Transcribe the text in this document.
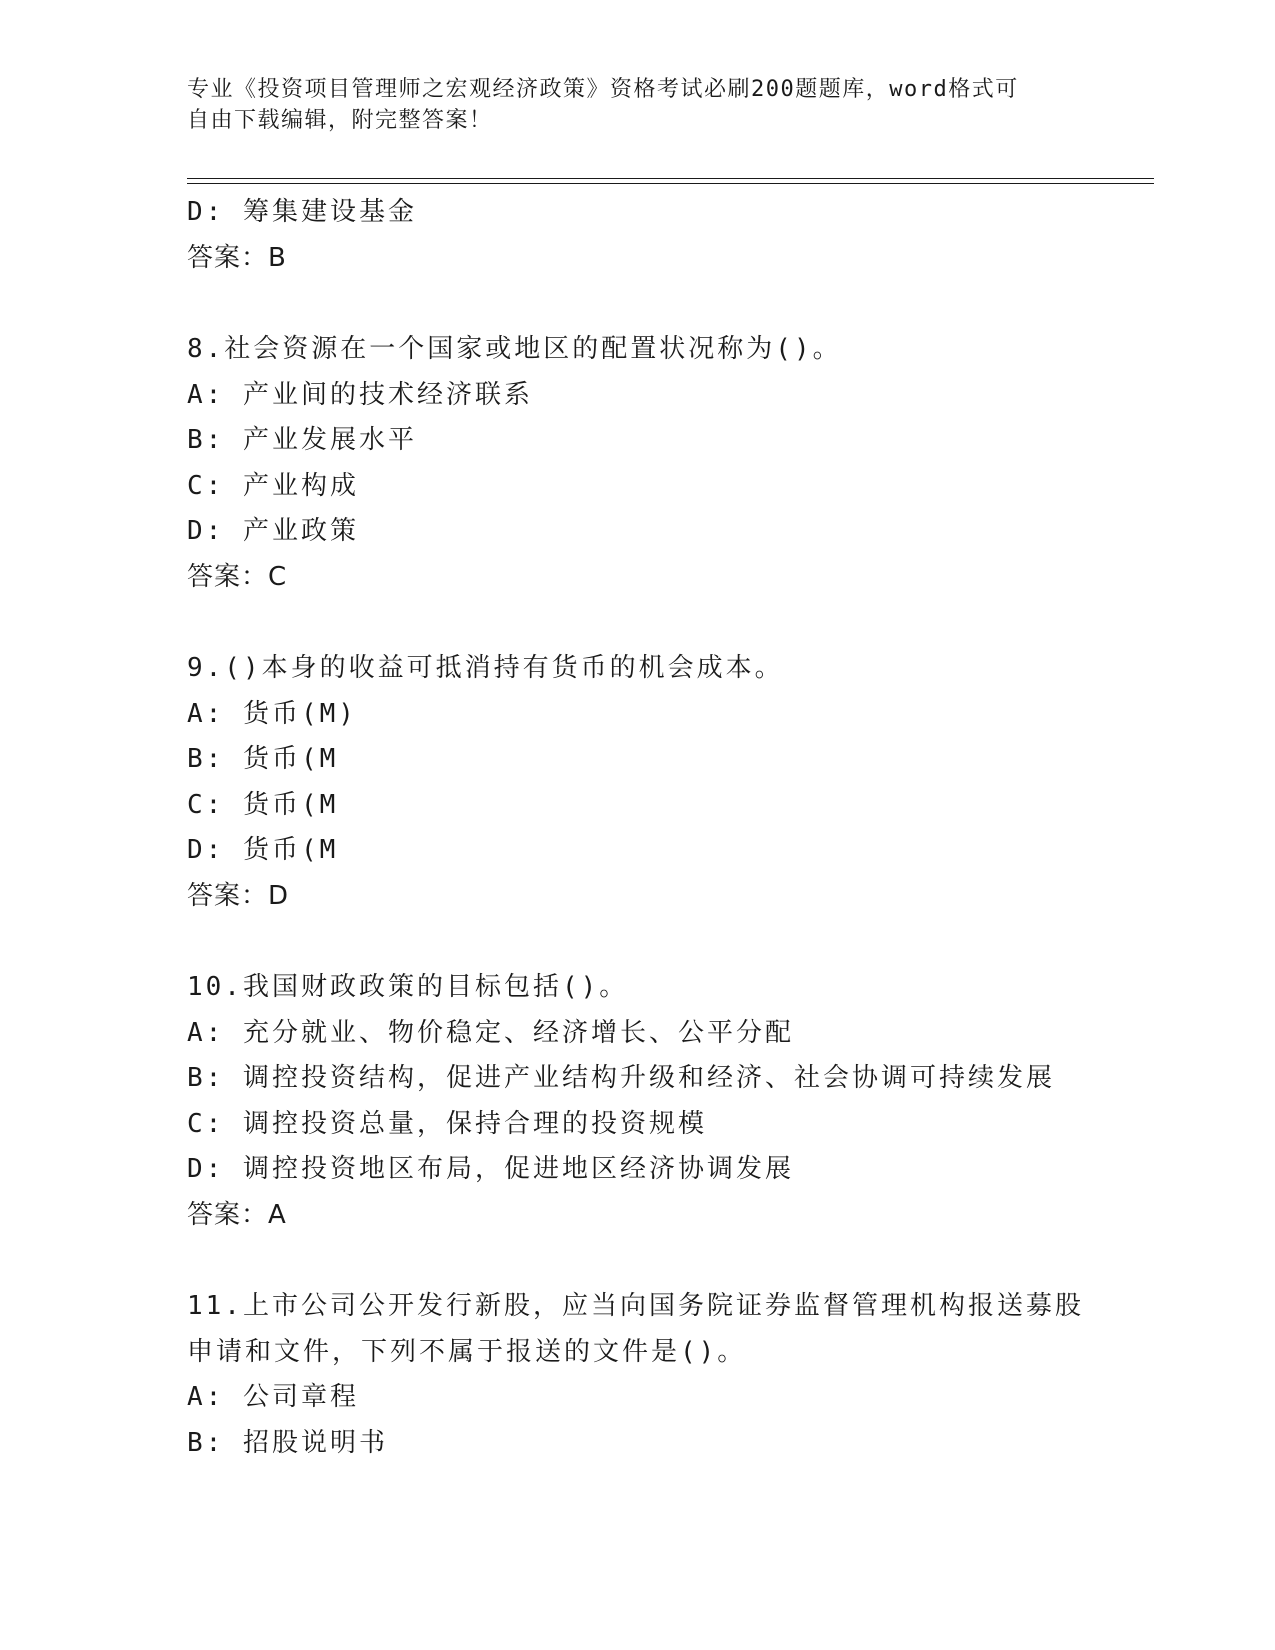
专业《投资项目管理师之宏观经济政策》资格考试必刷200题题库，word格式可
自由下载编辑，附完整答案！
D: 筹集建设基金
答案：B
8.社会资源在一个国家或地区的配置状况称为()。
A: 产业间的技术经济联系
B: 产业发展水平
C: 产业构成
D: 产业政策
答案：C
9.()本身的收益可抵消持有货币的机会成本。
A: 货币(M)
B: 货币(M
C: 货币(M
D: 货币(M
答案：D
10.我国财政政策的目标包括()。
A: 充分就业、物价稳定、经济增长、公平分配
B: 调控投资结构，促进产业结构升级和经济、社会协调可持续发展
C: 调控投资总量，保持合理的投资规模
D: 调控投资地区布局，促进地区经济协调发展
答案：A
11.上市公司公开发行新股，应当向国务院证券监督管理机构报送募股
申请和文件，下列不属于报送的文件是()。
A: 公司章程
B: 招股说明书
